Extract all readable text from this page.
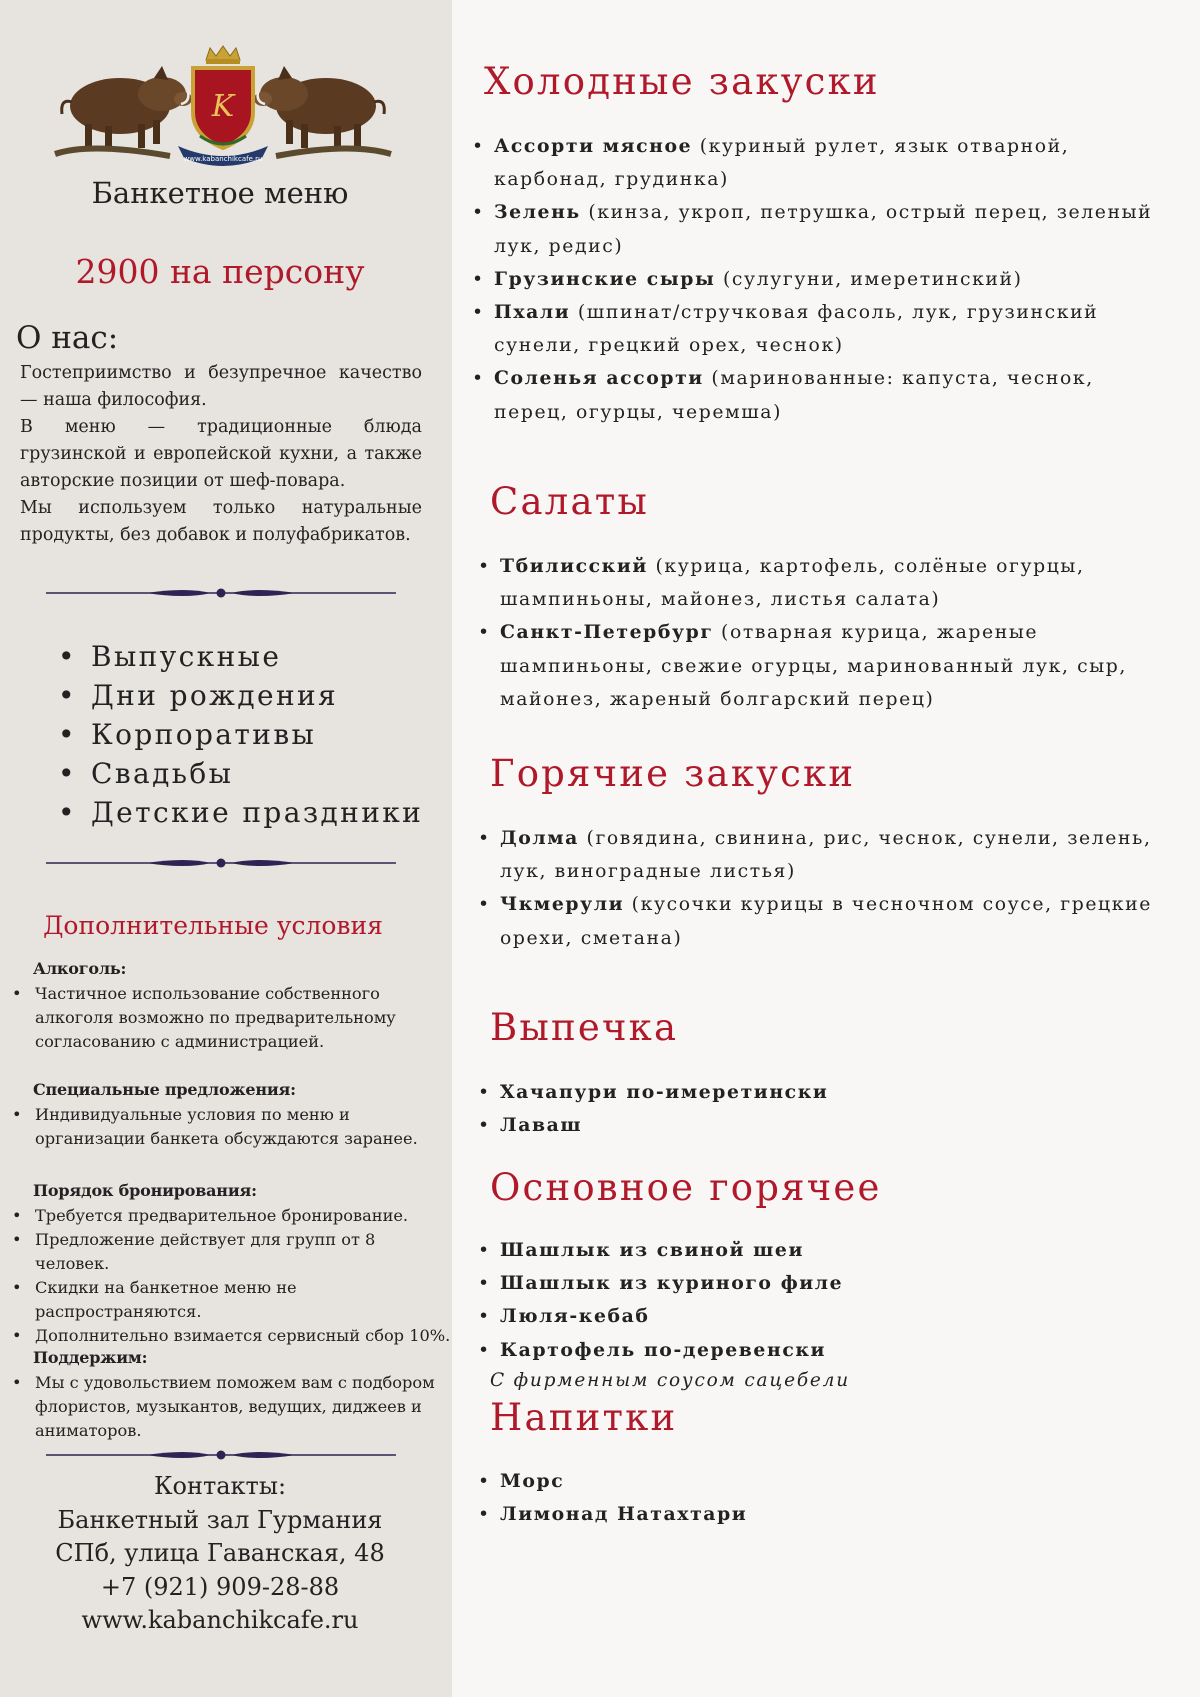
K
www.kabanchikcafe.ru
Банкетное меню
2900 на персону
О нас:

Гостеприимство и безупречное качество — наша философия.

В меню — традиционные блюда грузинской и европейской кухни, а также авторские позиции от шеф-повара.

Мы используем только натуральные продукты, без добавок и полуфабрикатов.

• Выпускные
• Дни рождения
• Корпоративы
• Свадьбы
• Детские праздники
Дополнительные условия
Алкоголь:
• Частичное использование собственного алкоголя возможно по предварительному согласованию с администрацией.
Специальные предложения:
• Индивидуальные условия по меню и организации банкета обсуждаются заранее.
Порядок бронирования:
• Требуется предварительное бронирование.
• Предложение действует для групп от 8 человек.
• Скидки на банкетное меню не распространяются.
• Дополнительно взимается сервисный сбор 10%.
Поддержим:
• Мы с удовольствием поможем вам с подбором флористов, музыкантов, ведущих, диджеев и аниматоров.
Контакты:
Банкетный зал Гурмания
СПб, улица Гаванская, 48
+7 (921) 909-28-88
www.kabanchikcafe.ru
Холодные закуски
• Ассорти мясное (куриный рулет, язык отварной, карбонад, грудинка)
• Зелень (кинза, укроп, петрушка, острый перец, зеленый лук, редис)
• Грузинские сыры (сулугуни, имеретинский)
• Пхали (шпинат/стручковая фасоль, лук, грузинский сунели, грецкий орех, чеснок)
• Соленья ассорти (маринованные: капуста, чеснок, перец, огурцы, черемша)
Салаты
• Тбилисский (курица, картофель, солёные огурцы, шампиньоны, майонез, листья салата)
• Санкт-Петербург (отварная курица, жареные шампиньоны, свежие огурцы, маринованный лук, сыр, майонез, жареный болгарский перец)
Горячие закуски
• Долма (говядина, свинина, рис, чеснок, сунели, зелень, лук, виноградные листья)
• Чкмерули (кусочки курицы в чесночном соусе, грецкие орехи, сметана)
Выпечка
• Хачапури по-имеретински
• Лаваш
Основное горячее
• Шашлык из свиной шеи
• Шашлык из куриного филе
• Люля-кебаб
• Картофель по-деревенски
С фирменным соусом сацебели
Напитки
• Морс
• Лимонад Натахтари
